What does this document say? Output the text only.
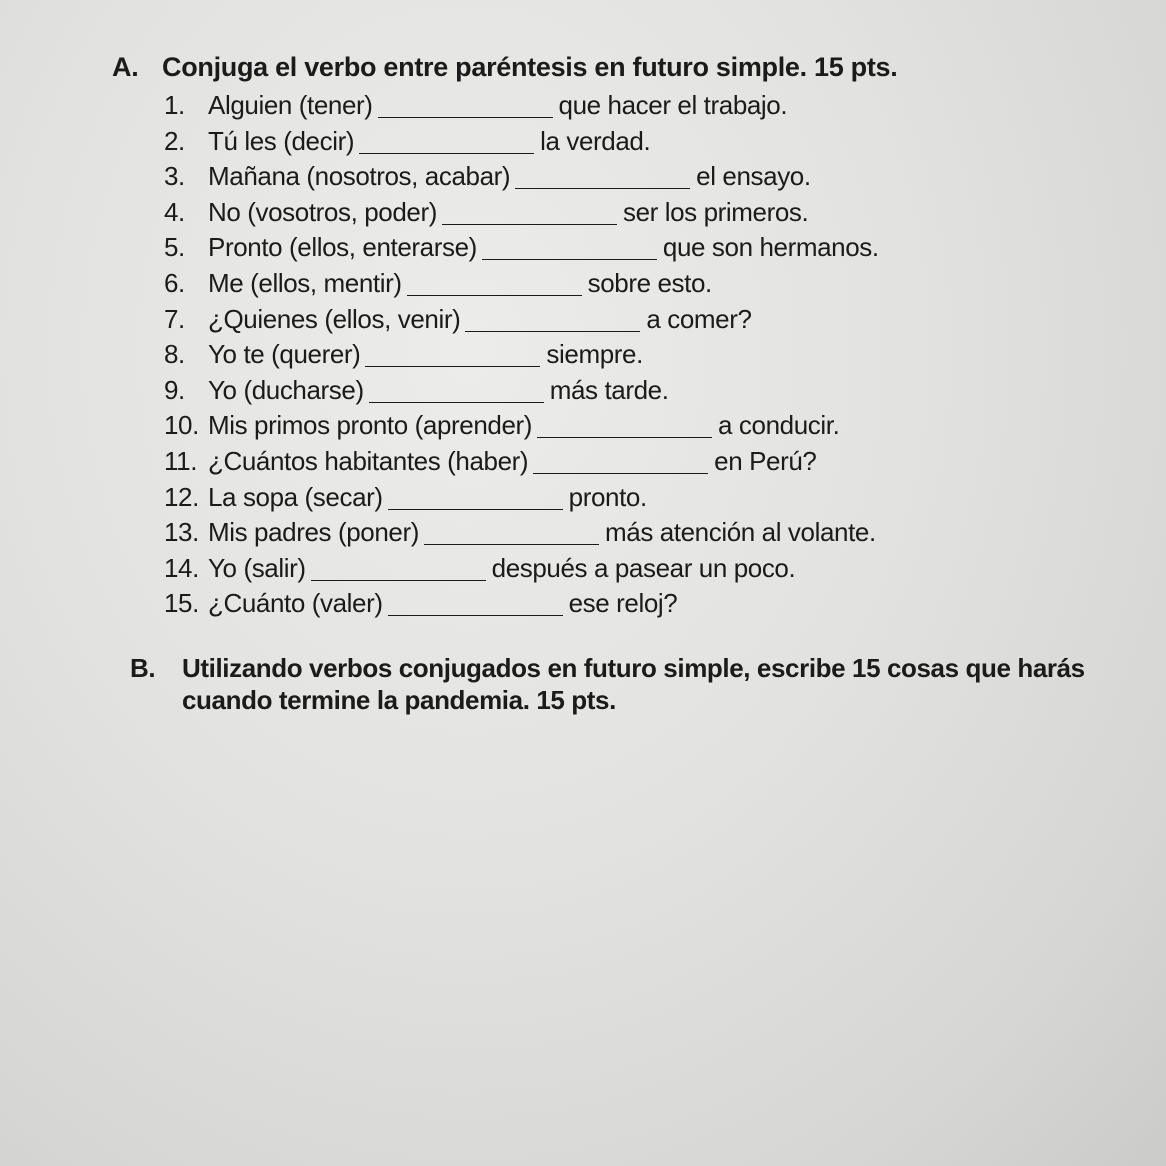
A. Conjuga el verbo entre paréntesis en futuro simple. 15 pts.
1. Alguien (tener)	que hacer el trabajo.
2. Tú les (decir)	la verdad.
3. Mañana (nosotros, acabar)	el ensayo.
4. No (vosotros, poder)	ser los primeros.
5. Pronto (ellos, enterarse)	que son hermanos.
6. Me (ellos, mentir)	sobre esto.
7. ¿Quienes (ellos, venir)	a comer?
8. Yo te (querer)	siempre.
9. Yo (ducharse)	más tarde.
10. Mis primos pronto (aprender)	a conducir.
11. ¿Cuántos habitantes (haber)	en Perú?
12. La sopa (secar)	pronto.
13. Mis padres (poner)	más atención al volante.
14. Yo (salir)	después a pasear un poco.
15. ¿Cuánto (valer)	ese reloj?
B. Utilizando verbos conjugados en futuro simple, escribe 15 cosas que harás cuando termine la pandemia. 15 pts.
